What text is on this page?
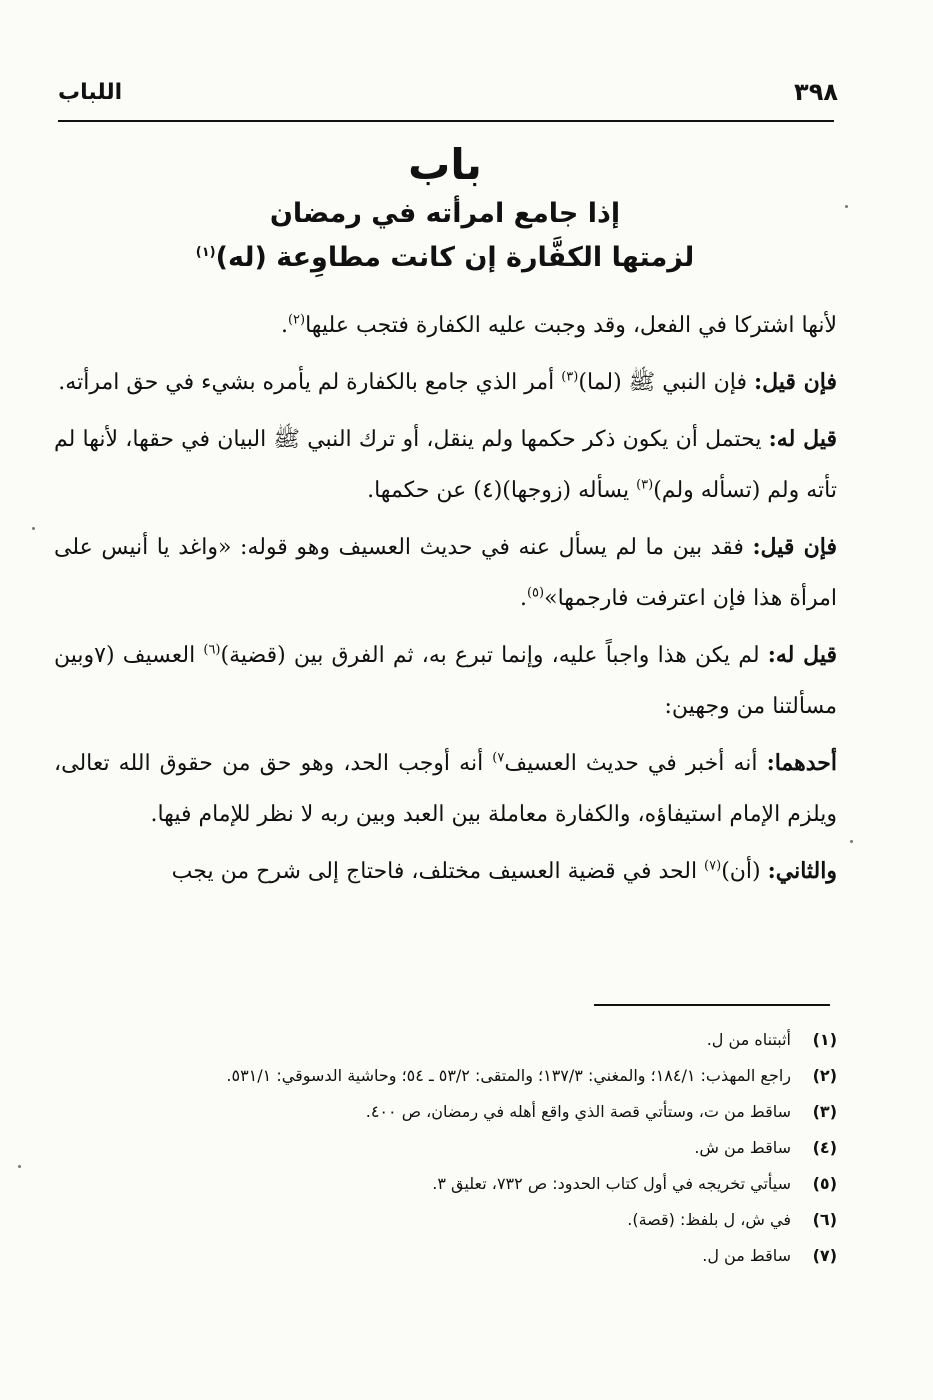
٣٩٨
اللباب
باب
إذا جامع امرأته في رمضان
لزمتها الكفَّارة إن كانت مطاوِعة (له)$^{(١)}$

لأنها اشتركا في الفعل، وقد وجبت عليه الكفارة فتجب عليها$^{(٢)}$.

فإن قيل: فإن النبي ﷺ (لما)$^{(٣)}$ أمر الذي جامع بالكفارة لم يأمره بشيء في حق امرأته.

قيل له: يحتمل أن يكون ذكر حكمها ولم ينقل، أو ترك النبي ﷺ البيان في حقها، لأنها لم تأته ولم (تسأله ولم)$^{(٣)}$ يسأله (زوجها)(٤) عن حكمها.

فإن قيل: فقد بين ما لم يسأل عنه في حديث العسيف وهو قوله: «واغد يا أنيس على امرأة هذا فإن اعترفت فارجمها»$^{(٥)}$.

قيل له: لم يكن هذا واجباً عليه، وإنما تبرع به، ثم الفرق بين (قضية)$^{(٦)}$ العسيف (٧وبين مسألتنا من وجهين:

أحدهما: أنه أخبر في حديث العسيف$^{٧)}$ أنه أوجب الحد، وهو حق من حقوق الله تعالى، ويلزم الإمام استيفاؤه، والكفارة معاملة بين العبد وبين ربه لا نظر للإمام فيها.

والثاني: (أن)$^{(٧)}$ الحد في قضية العسيف مختلف، فاحتاج إلى شرح من يجب

(١)
أثبتناه من ل.
(٢)
راجع المهذب: ١٨٤/١؛ والمغني: ١٣٧/٣؛ والمتقى: ٥٣/٢ ـ ٥٤؛ وحاشية الدسوقي: ٥٣١/١.
(٣)
ساقط من ت، وستأتي قصة الذي واقع أهله في رمضان، ص ٤٠٠.
(٤)
ساقط من ش.
(٥)
سيأتي تخريجه في أول كتاب الحدود: ص ٧٣٢، تعليق ٣.
(٦)
في ش، ل بلفظ: (قصة).
(٧)
ساقط من ل.
